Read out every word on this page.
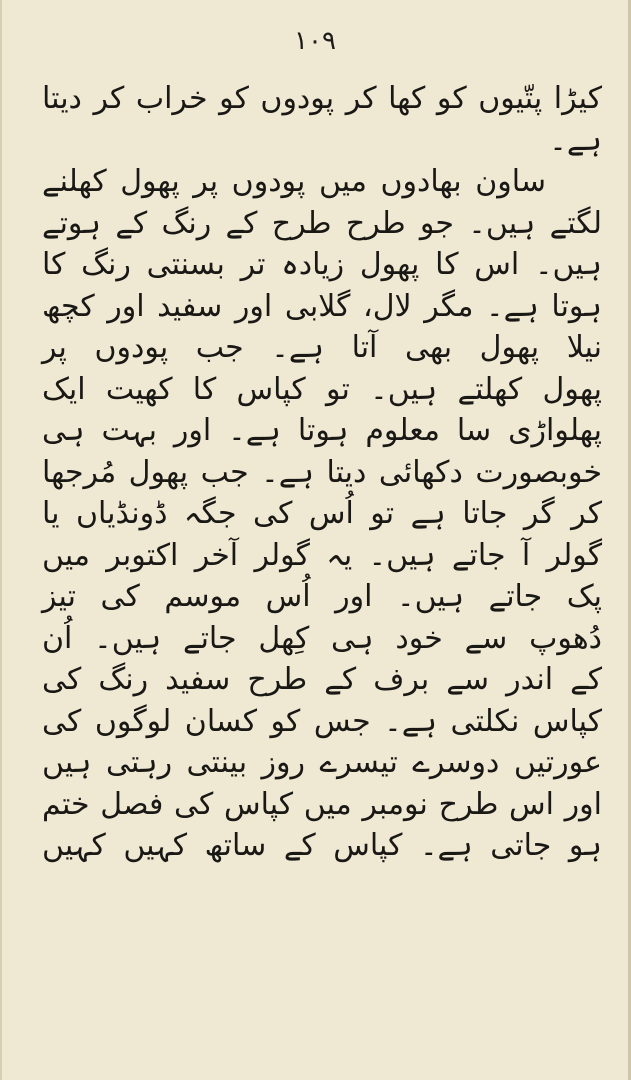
۱۰۹
کیڑا پتّیوں کو کھا کر پودوں کو خراب کر دیتا
ہے۔
ساون بھادوں میں پودوں پر پھول کھلنے
لگتے ہیں۔ جو طرح طرح کے رنگ کے ہوتے
ہیں۔ اس کا پھول زیادہ تر بسنتی رنگ کا
ہوتا ہے۔ مگر لال، گلابی اور سفید اور کچھ
نیلا پھول بھی آتا ہے۔ جب پودوں پر
پھول کھلتے ہیں۔ تو کپاس کا کھیت ایک
پھلواڑی سا معلوم ہوتا ہے۔ اور بہت ہی
خوبصورت دکھائی دیتا ہے۔ جب پھول مُرجھا
کر گر جاتا ہے تو اُس کی جگہ ڈونڈیاں یا
گولر آ جاتے ہیں۔ یہ گولر آخر اکتوبر میں
پک جاتے ہیں۔ اور اُس موسم کی تیز
دُھوپ سے خود ہی کِھل جاتے ہیں۔ اُن
کے اندر سے برف کے طرح سفید رنگ کی
کپاس نکلتی ہے۔ جس کو کسان لوگوں کی
عورتیں دوسرے تیسرے روز بینتی رہتی ہیں
اور اس طرح نومبر میں کپاس کی فصل ختم
ہو جاتی ہے۔ کپاس کے ساتھ کہیں کہیں
